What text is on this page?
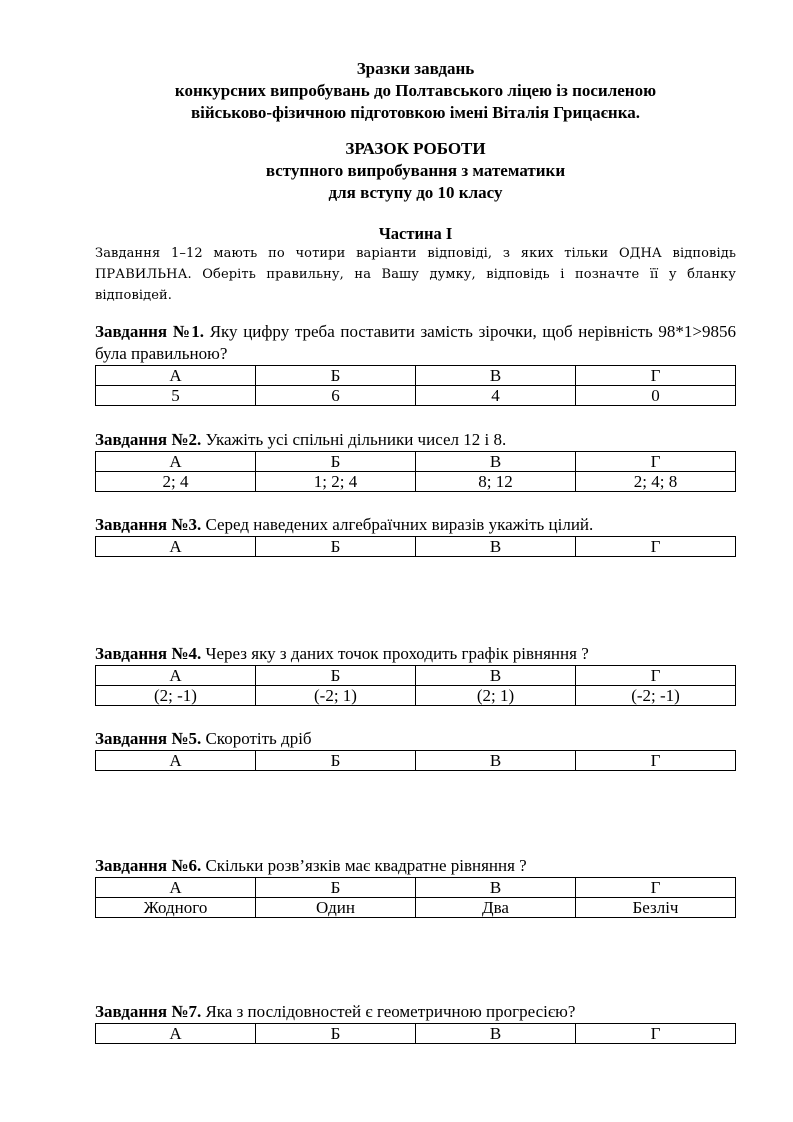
Зразки завдань
конкурсних випробувань до Полтавського ліцею із посиленою
військово-фізичною підготовкою імені Віталія Грицаєнка.
ЗРАЗОК РОБОТИ
вступного випробування з математики
для вступу до 10 класу
Частина І
Завдання 1–12 мають по чотири варіанти відповіді, з яких тільки ОДНА відповідь ПРАВИЛЬНА. Оберіть правильну, на Вашу думку, відповідь і позначте її у бланку відповідей.
Завдання №1. Яку цифру треба поставити замість зірочки, щоб нерівність 98*1>9856 була правильною?
А	Б	В	Г
5	6	4	0
Завдання №2. Укажіть усі спільні дільники чисел 12 і 8.
А	Б	В	Г
2; 4	1; 2; 4	8; 12	2; 4; 8
Завдання №3. Серед наведених алгебраїчних виразів укажіть цілий.
А	Б	В	Г
Завдання №4. Через яку з даних точок проходить графік рівняння ?
А	Б	В	Г
(2; -1)	(-2; 1)	(2; 1)	(-2; -1)
Завдання №5. Скоротіть дріб
А	Б	В	Г
Завдання №6. Скільки розв’язків має квадратне рівняння ?
А	Б	В	Г
Жодного	Один	Два	Безліч
Завдання №7. Яка з послідовностей є геометричною прогресією?
А	Б	В	Г
